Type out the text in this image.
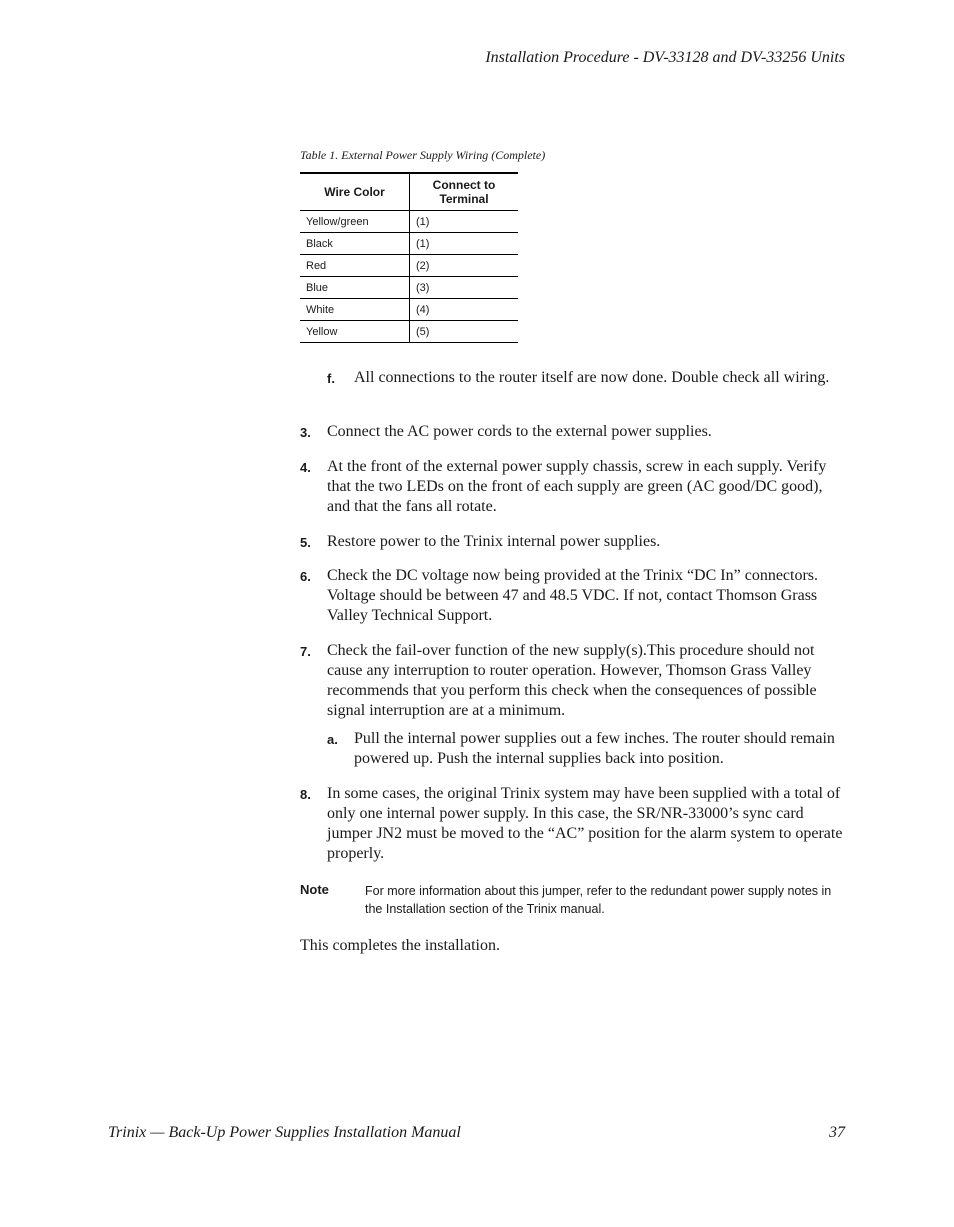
Installation Procedure - DV-33128 and DV-33256 Units
Table 1. External Power Supply Wiring (Complete)
Wire Color	Connect to Terminal
Yellow/green	(1)
Black	(1)
Red	(2)
Blue	(3)
White	(4)
Yellow	(5)
f. All connections to the router itself are now done. Double check all wiring.
3. Connect the AC power cords to the external power supplies.
4. At the front of the external power supply chassis, screw in each supply. Verify that the two LEDs on the front of each supply are green (AC good/DC good), and that the fans all rotate.
5. Restore power to the Trinix internal power supplies.
6. Check the DC voltage now being provided at the Trinix “DC In” connectors. Voltage should be between 47 and 48.5 VDC. If not, contact Thomson Grass Valley Technical Support.
7. Check the fail-over function of the new supply(s).This procedure should not cause any interruption to router operation. However, Thomson Grass Valley recommends that you perform this check when the consequences of possible signal interruption are at a minimum.
a. Pull the internal power supplies out a few inches. The router should remain powered up. Push the internal supplies back into position.
8. In some cases, the original Trinix system may have been supplied with a total of only one internal power supply. In this case, the SR/NR-33000’s sync card jumper JN2 must be moved to the “AC” position for the alarm system to operate properly.
Note	For more information about this jumper, refer to the redundant power supply notes in the Installation section of the Trinix manual.
This completes the installation.
Trinix — Back-Up Power Supplies Installation Manual	37
